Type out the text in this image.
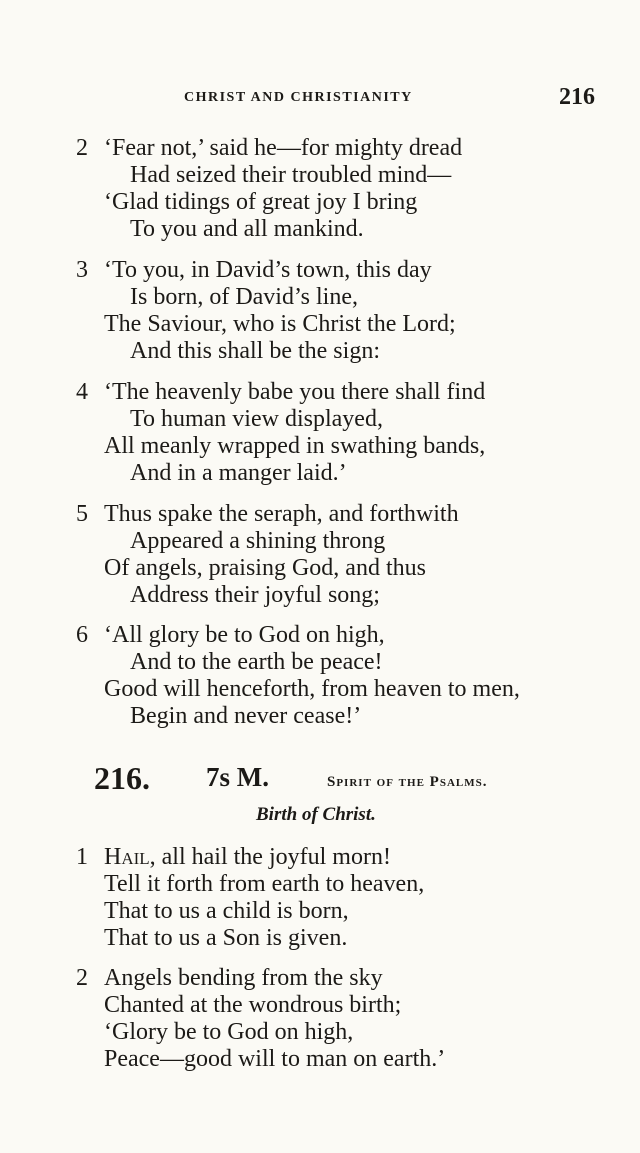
CHRIST AND CHRISTIANITY	216
2 ‘Fear not,’ said he—for mighty dread
Had seized their troubled mind—
‘Glad tidings of great joy I bring
To you and all mankind.
3 ‘To you, in David’s town, this day
Is born, of David’s line,
The Saviour, who is Christ the Lord;
And this shall be the sign:
4 ‘The heavenly babe you there shall find
To human view displayed,
All meanly wrapped in swathing bands,
And in a manger laid.’
5 Thus spake the seraph, and forthwith
Appeared a shining throng
Of angels, praising God, and thus
Address their joyful song;
6 ‘All glory be to God on high,
And to the earth be peace!
Good will henceforth, from heaven to men,
Begin and never cease!’
216. 7s M.	Spirit of the Psalms.
Birth of Christ.
1 Hail, all hail the joyful morn!
Tell it forth from earth to heaven,
That to us a child is born,
That to us a Son is given.
2 Angels bending from the sky
Chanted at the wondrous birth;
‘Glory be to God on high,
Peace—good will to man on earth.’
